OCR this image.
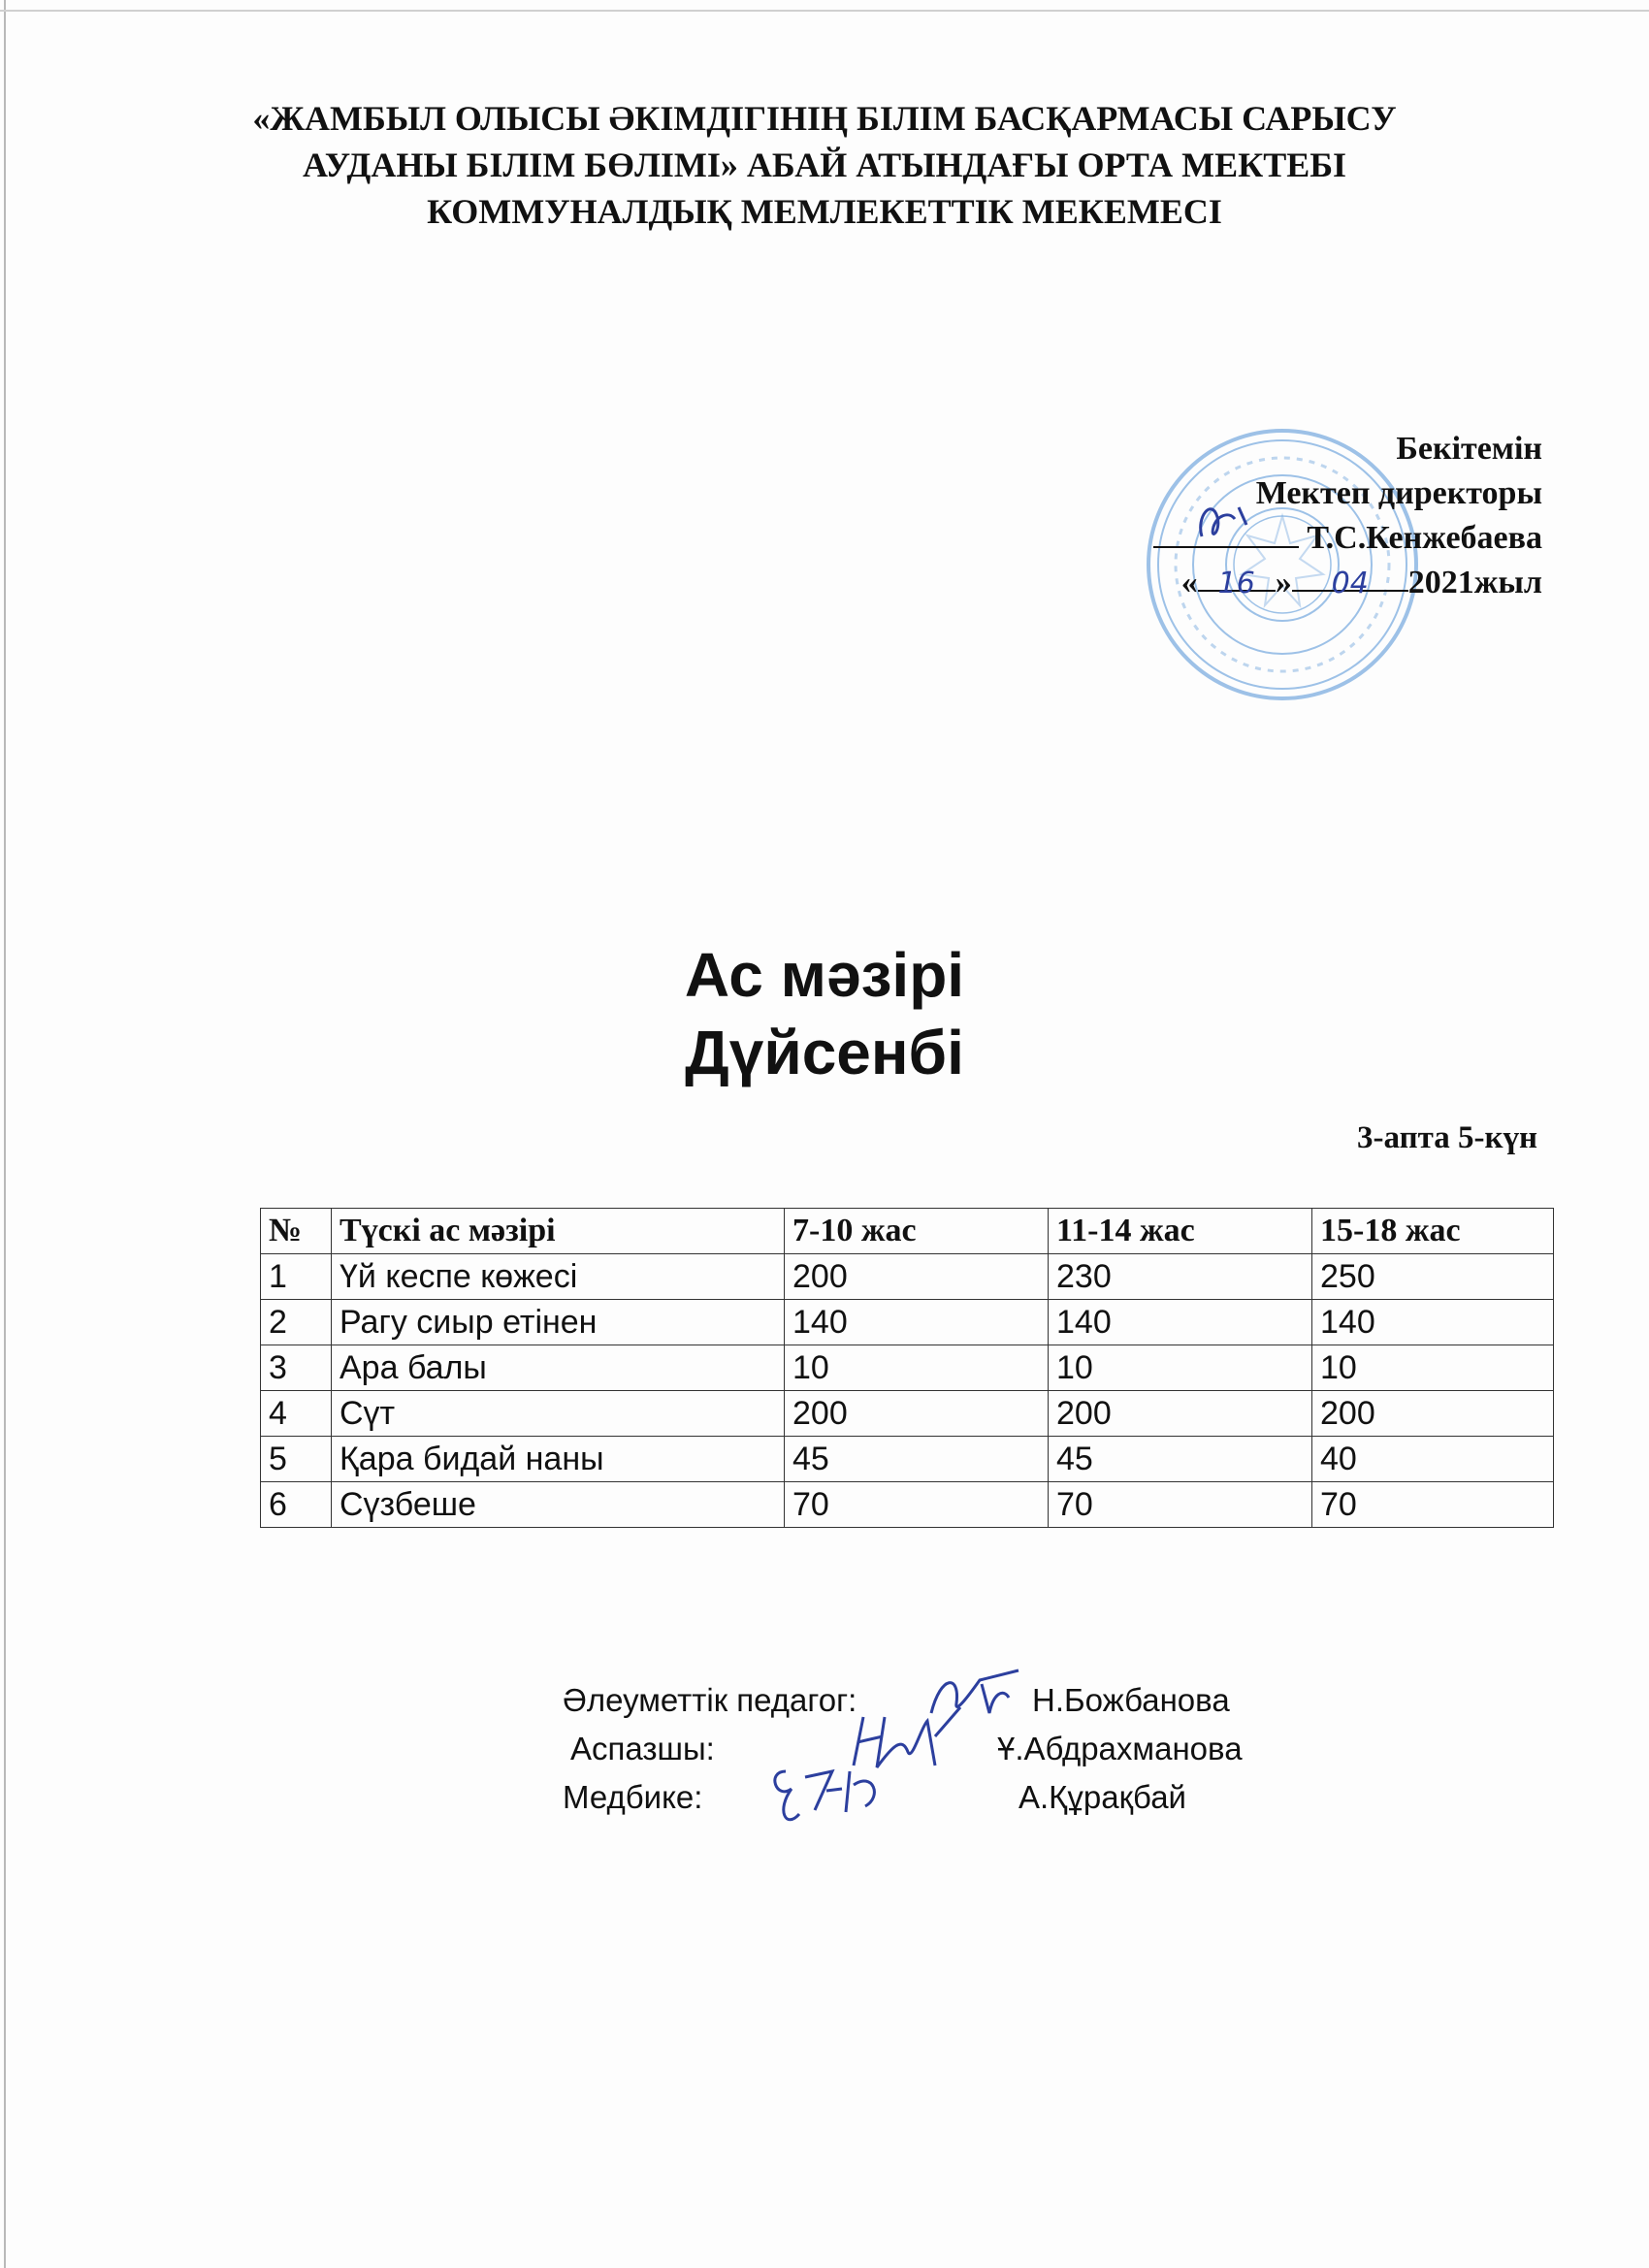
«ЖАМБЫЛ ОЛЫСЫ ӘКІМДІГІНІҢ БІЛІМ БАСҚАРМАСЫ САРЫСУ
АУДАНЫ БІЛІМ БӨЛІМІ» АБАЙ АТЫНДАҒЫ ОРТА МЕКТЕБІ
КОММУНАЛДЫҚ МЕМЛЕКЕТТІК МЕКЕМЕСІ
Бекітемін
Мектеп директоры
Т.С.Кенжебаева
« 16 » 04 2021жыл
Ас мәзірі
Дүйсенбі
3-апта 5-күн
№	Түскі ас мәзірі	7-10 жас	11-14 жас	15-18 жас
1	Үй кеспе көжесі	200	230	250
2	Рагу сиыр етінен	140	140	140
3	Ара балы	10	10	10
4	Сүт	200	200	200
5	Қара бидай наны	45	45	40
6	Сүзбеше	70	70	70
Әлеуметтік педагог:	Н.Божбанова
Аспазшы:	Ұ.Абдрахманова
Медбике:	А.Құрақбай
